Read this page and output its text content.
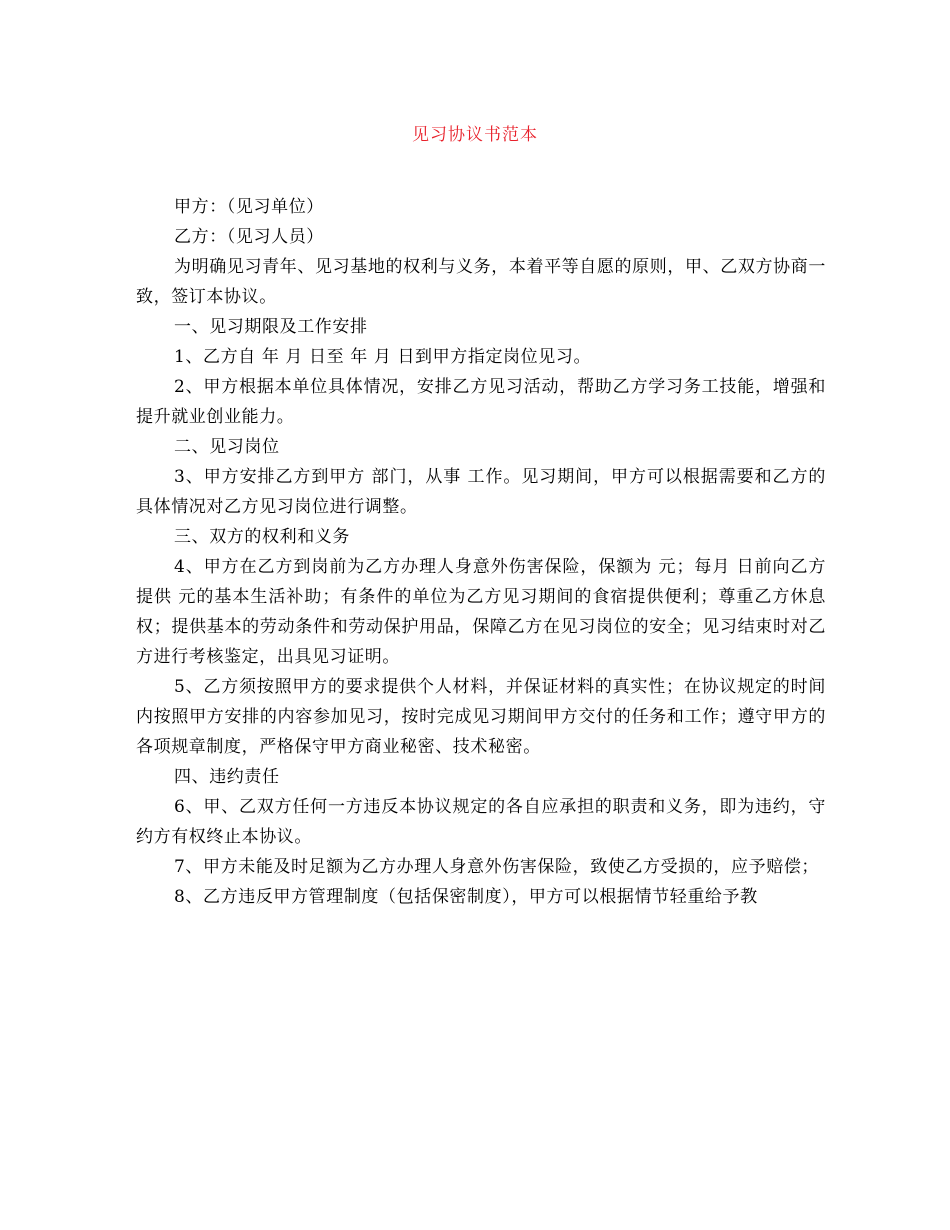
见习协议书范本

甲方：（见习单位）

乙方：（见习人员）

为明确见习青年、见习基地的权利与义务，本着平等自愿的原则，甲、乙双方协商一致，签订本协议。

一、见习期限及工作安排

1、乙方自 年 月 日至 年 月 日到甲方指定岗位见习。

2、甲方根据本单位具体情况，安排乙方见习活动，帮助乙方学习务工技能，增强和提升就业创业能力。

二、见习岗位

3、甲方安排乙方到甲方 部门，从事 工作。见习期间，甲方可以根据需要和乙方的具体情况对乙方见习岗位进行调整。

三、双方的权利和义务

4、甲方在乙方到岗前为乙方办理人身意外伤害保险，保额为 元；每月 日前向乙方提供 元的基本生活补助；有条件的单位为乙方见习期间的食宿提供便利；尊重乙方休息权；提供基本的劳动条件和劳动保护用品，保障乙方在见习岗位的安全；见习结束时对乙方进行考核鉴定，出具见习证明。

5、乙方须按照甲方的要求提供个人材料，并保证材料的真实性；在协议规定的时间内按照甲方安排的内容参加见习，按时完成见习期间甲方交付的任务和工作；遵守甲方的各项规章制度，严格保守甲方商业秘密、技术秘密。

四、违约责任

6、甲、乙双方任何一方违反本协议规定的各自应承担的职责和义务，即为违约，守约方有权终止本协议。

7、甲方未能及时足额为乙方办理人身意外伤害保险，致使乙方受损的，应予赔偿；

8、乙方违反甲方管理制度（包括保密制度），甲方可以根据情节轻重给予教
